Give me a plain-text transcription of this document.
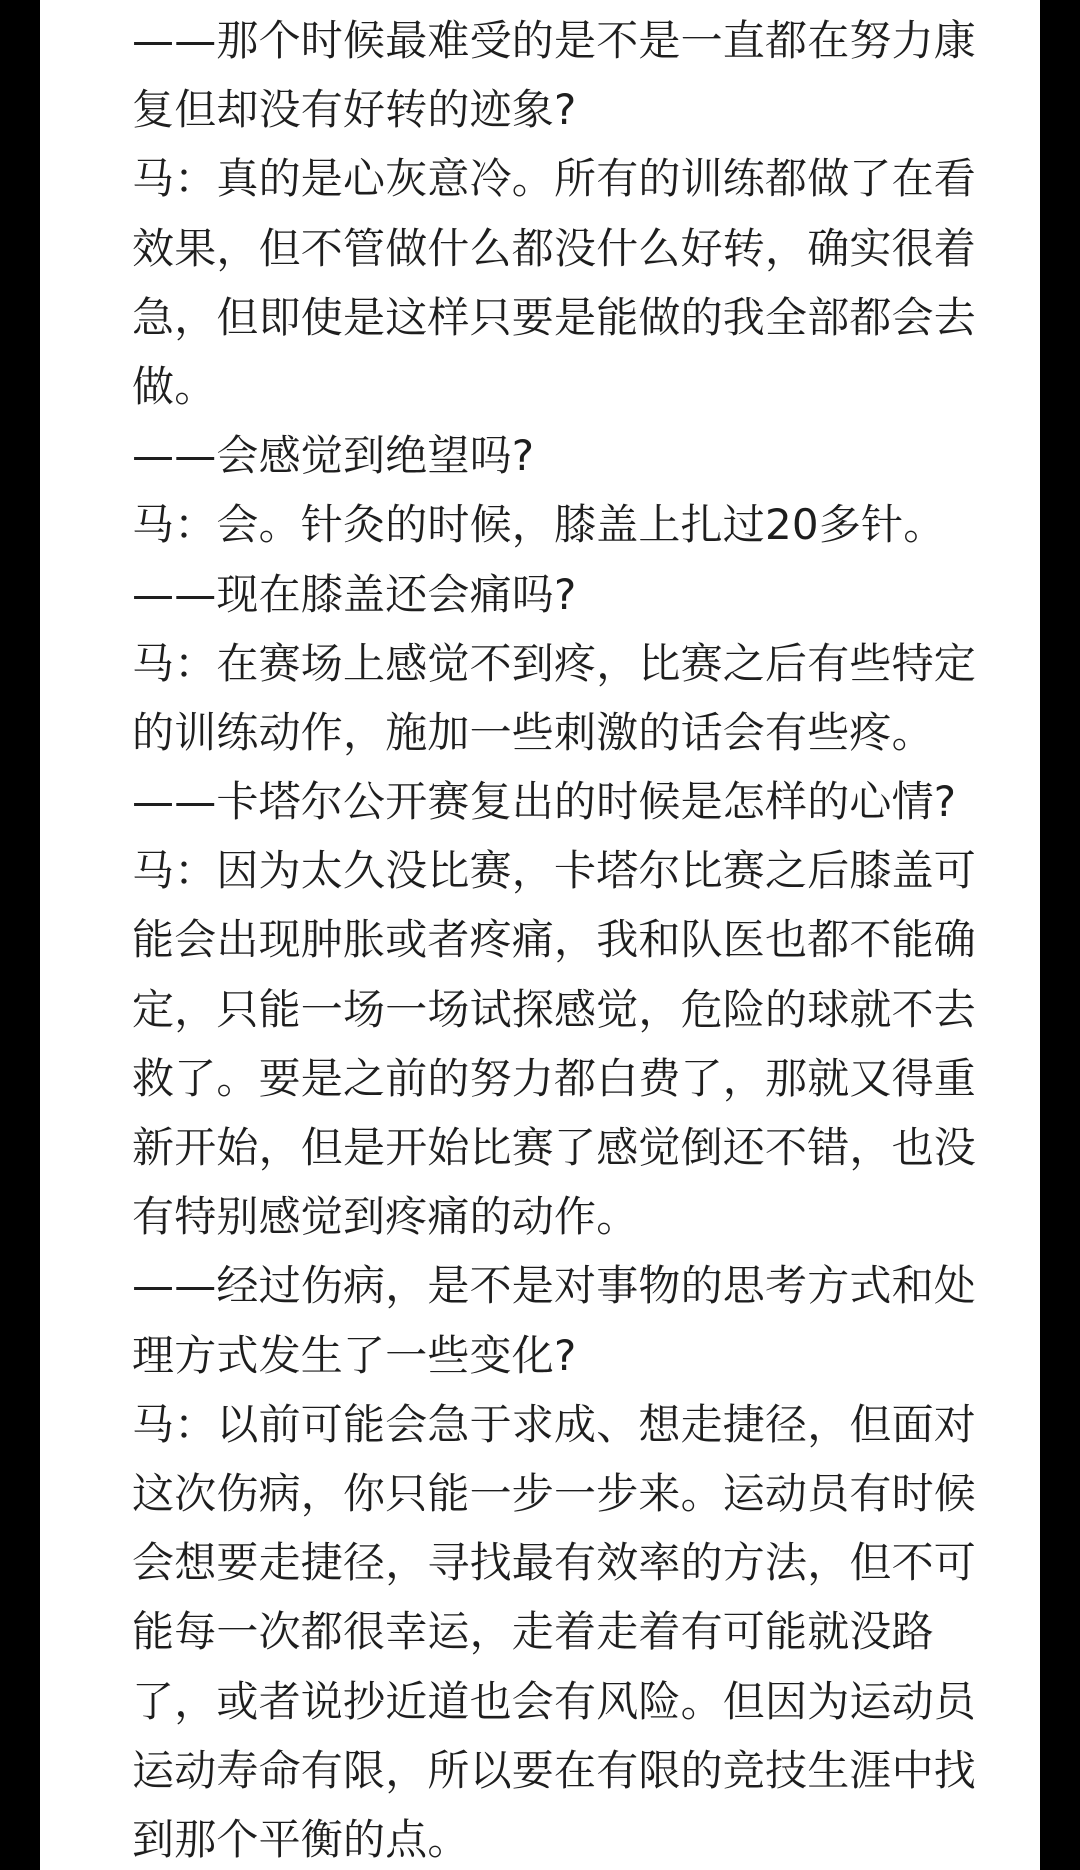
——那个时候最难受的是不是一直都在努力康
复但却没有好转的迹象?
马：真的是心灰意冷。所有的训练都做了在看
效果，但不管做什么都没什么好转，确实很着
急，但即使是这样只要是能做的我全部都会去
做。
——会感觉到绝望吗?
马：会。针灸的时候，膝盖上扎过20多针。
——现在膝盖还会痛吗?
马：在赛场上感觉不到疼，比赛之后有些特定
的训练动作，施加一些刺激的话会有些疼。
——卡塔尔公开赛复出的时候是怎样的心情?
马：因为太久没比赛，卡塔尔比赛之后膝盖可
能会出现肿胀或者疼痛，我和队医也都不能确
定，只能一场一场试探感觉，危险的球就不去
救了。要是之前的努力都白费了，那就又得重
新开始，但是开始比赛了感觉倒还不错，也没
有特别感觉到疼痛的动作。
——经过伤病，是不是对事物的思考方式和处
理方式发生了一些变化?
马：以前可能会急于求成、想走捷径，但面对
这次伤病，你只能一步一步来。运动员有时候
会想要走捷径，寻找最有效率的方法，但不可
能每一次都很幸运，走着走着有可能就没路
了，或者说抄近道也会有风险。但因为运动员
运动寿命有限，所以要在有限的竞技生涯中找
到那个平衡的点。
